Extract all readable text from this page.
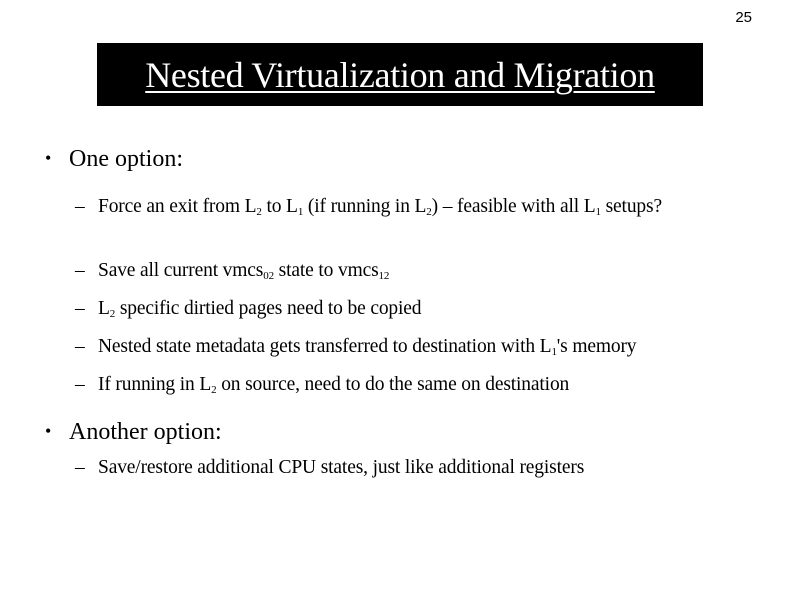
25
Nested Virtualization and Migration
• One option:
– Force an exit from $L_2$ to $L_1$ (if running in $L_2$) – feasible with all $L_1$ setups?
– Save all current vmcs$_{02}$ state to vmcs$_{12}$
– $L_2$ specific dirtied pages need to be copied
– Nested state metadata gets transferred to destination with $L_1's$ memory
– If running in $L_2$ on source, need to do the same on destination
• Another option:
– Save/restore additional CPU states, just like additional registers
